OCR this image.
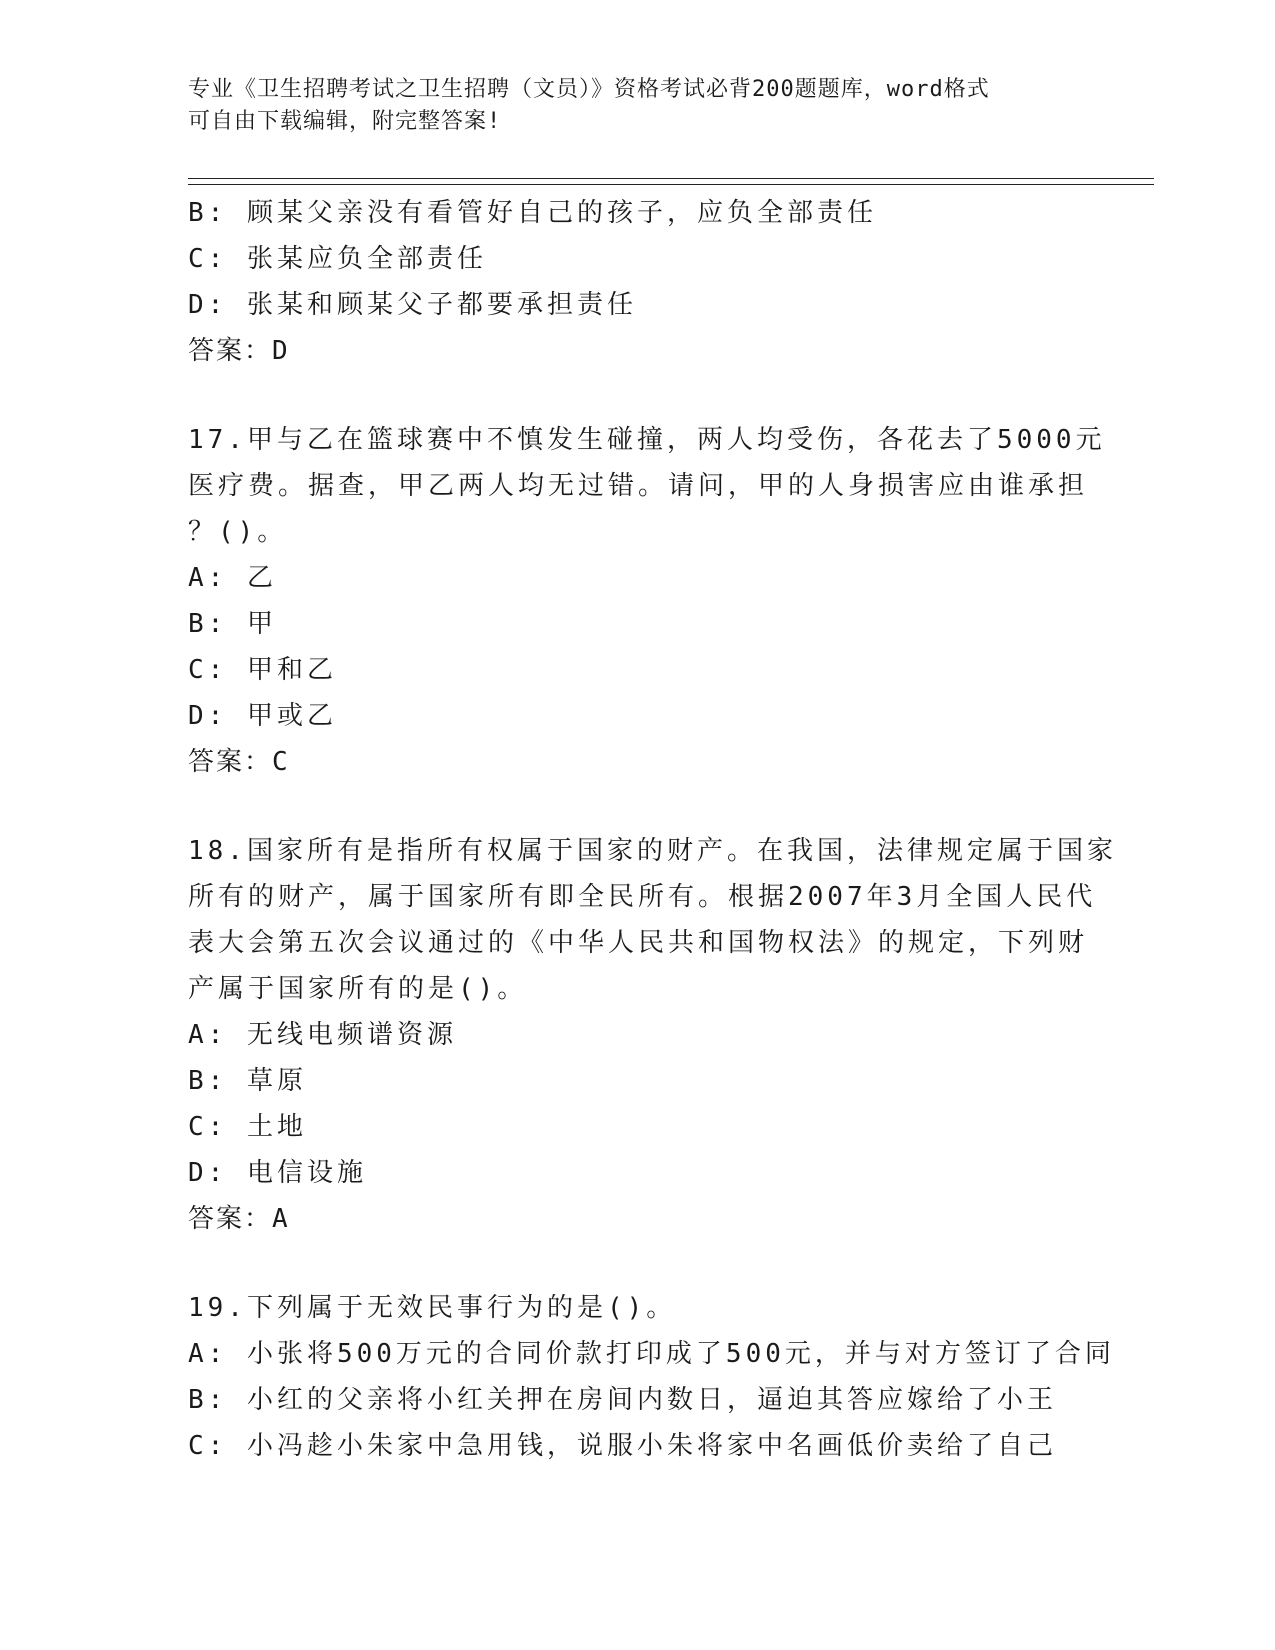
专业《卫生招聘考试之卫生招聘（文员）》资格考试必背200题题库，word格式
可自由下载编辑，附完整答案!
B: 顾某父亲没有看管好自己的孩子，应负全部责任
C: 张某应负全部责任
D: 张某和顾某父子都要承担责任
答案：D
17.甲与乙在篮球赛中不慎发生碰撞，两人均受伤，各花去了5000元
医疗费。据查，甲乙两人均无过错。请问，甲的人身损害应由谁承担
？()。
A: 乙
B: 甲
C: 甲和乙
D: 甲或乙
答案：C
18.国家所有是指所有权属于国家的财产。在我国，法律规定属于国家
所有的财产，属于国家所有即全民所有。根据2007年3月全国人民代
表大会第五次会议通过的《中华人民共和国物权法》的规定，下列财
产属于国家所有的是()。
A: 无线电频谱资源
B: 草原
C: 土地
D: 电信设施
答案：A
19.下列属于无效民事行为的是()。
A: 小张将500万元的合同价款打印成了500元，并与对方签订了合同
B: 小红的父亲将小红关押在房间内数日，逼迫其答应嫁给了小王
C: 小冯趁小朱家中急用钱，说服小朱将家中名画低价卖给了自己
